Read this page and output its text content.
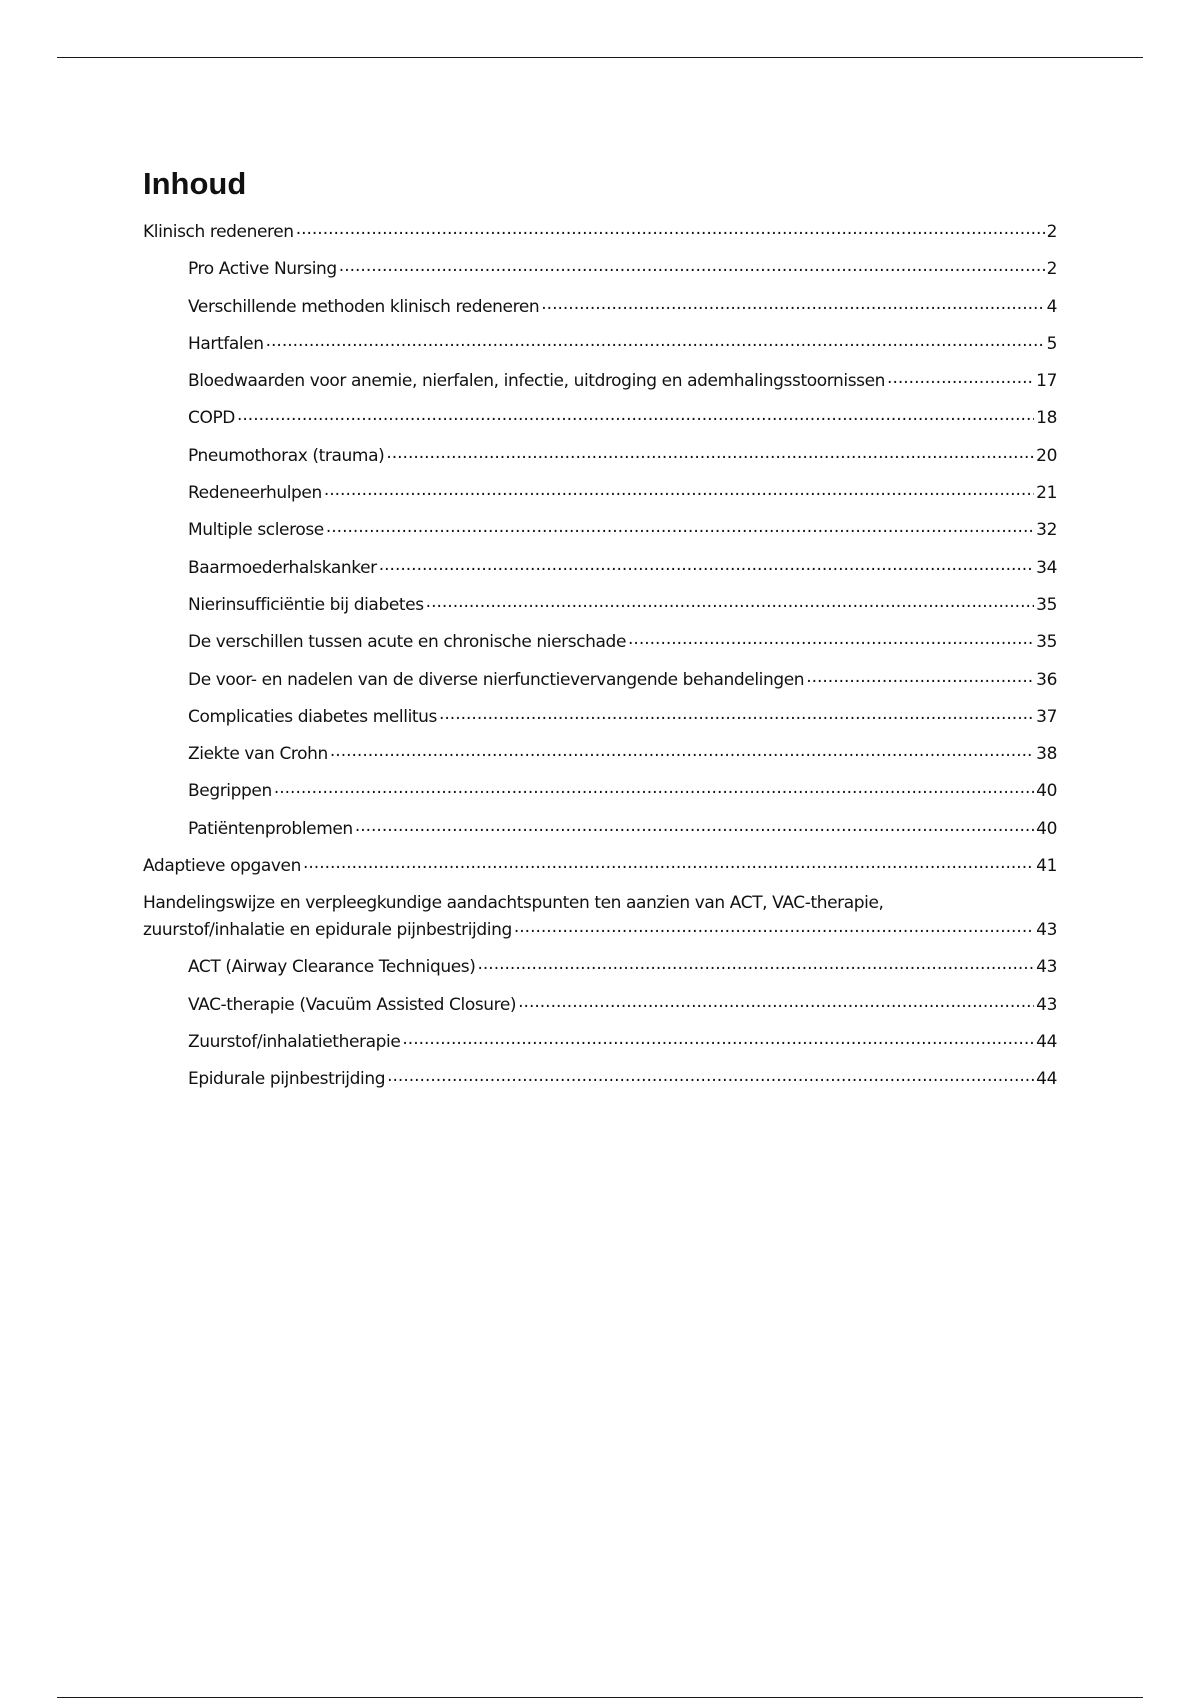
Inhoud
Klinisch redeneren .....	2
Pro Active Nursing .....	2
Verschillende methoden klinisch redeneren .....	4
Hartfalen .....	5
Bloedwaarden voor anemie, nierfalen, infectie, uitdroging en ademhalingsstoornissen .....	17
COPD .....	18
Pneumothorax (trauma) .....	20
Redeneerhulpen .....	21
Multiple sclerose .....	32
Baarmoederhalskanker .....	34
Nierinsufficiëntie bij diabetes .....	35
De verschillen tussen acute en chronische nierschade .....	35
De voor- en nadelen van de diverse nierfunctievervangende behandelingen .....	36
Complicaties diabetes mellitus .....	37
Ziekte van Crohn .....	38
Begrippen .....	40
Patiëntenproblemen .....	40
Adaptieve opgaven .....	41
Handelingswijze en verpleegkundige aandachtspunten ten aanzien van ACT, VAC-therapie,
zuurstof/inhalatie en epidurale pijnbestrijding .....	43
ACT (Airway Clearance Techniques) .....	43
VAC-therapie (Vacuüm Assisted Closure) .....	43
Zuurstof/inhalatietherapie .....	44
Epidurale pijnbestrijding .....	44
